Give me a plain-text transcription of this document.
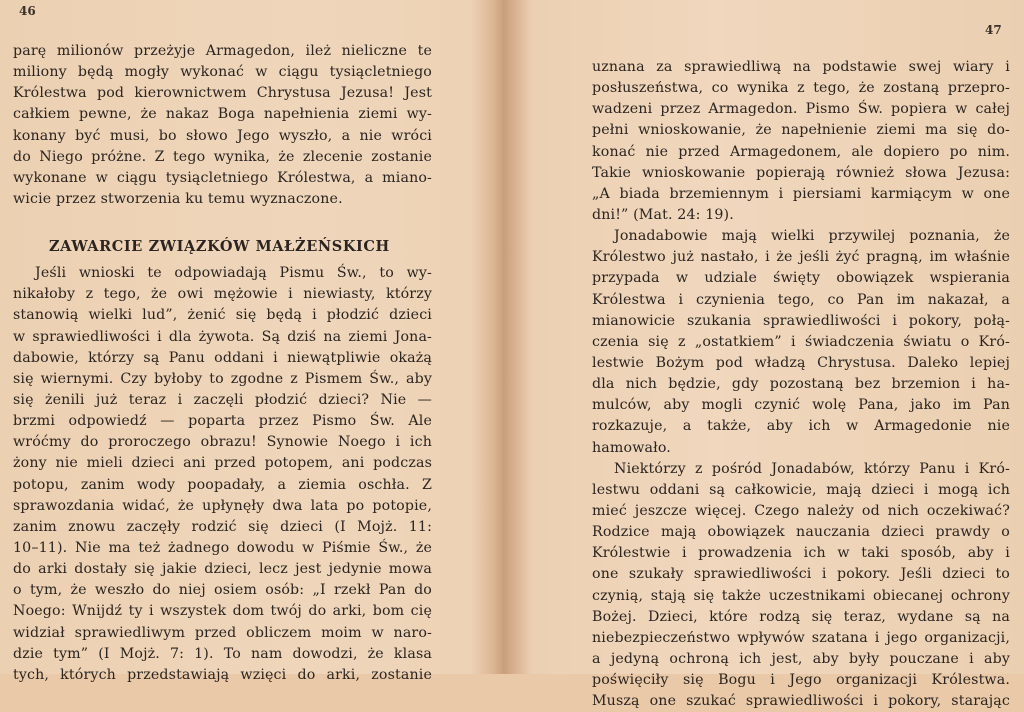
46
parę milionów przeżyje Armagedon, ileż nieliczne te
miliony będą mogły wykonać w ciągu tysiącletniego
Królestwa pod kierownictwem Chrystusa Jezusa! Jest
całkiem pewne, że nakaz Boga napełnienia ziemi wy-
konany być musi, bo słowo Jego wyszło, a nie wróci
do Niego próżne. Z tego wynika, że zlecenie zostanie
wykonane w ciągu tysiącletniego Królestwa, a miano-
wicie przez stworzenia ku temu wyznaczone.
ZAWARCIE ZWIĄZKÓW MAŁŻEŃSKICH
Jeśli wnioski te odpowiadają Pismu Św., to wy-
nikałoby z tego, że owi mężowie i niewiasty, którzy
stanowią wielki lud”, żenić się będą i płodzić dzieci
w sprawiedliwości i dla żywota. Są dziś na ziemi Jona-
dabowie, którzy są Panu oddani i niewątpliwie okażą
się wiernymi. Czy byłoby to zgodne z Pismem Św., aby
się żenili już teraz i zaczęli płodzić dzieci? Nie —
brzmi odpowiedź — poparta przez Pismo Św. Ale
wróćmy do proroczego obrazu! Synowie Noego i ich
żony nie mieli dzieci ani przed potopem, ani podczas
potopu, zanim wody poopadały, a ziemia oschła. Z
sprawozdania widać, że upłynęły dwa lata po potopie,
zanim znowu zaczęły rodzić się dzieci (I Mojż. 11:
10–11). Nie ma też żadnego dowodu w Piśmie Św., że
do arki dostały się jakie dzieci, lecz jest jedynie mowa
o tym, że weszło do niej osiem osób: „I rzekł Pan do
Noego: Wnijdź ty i wszystek dom twój do arki, bom cię
widział sprawiedliwym przed obliczem moim w naro-
dzie tym” (I Mojż. 7: 1). To nam dowodzi, że klasa
tych, których przedstawiają wzięci do arki, zostanie
47
uznana za sprawiedliwą na podstawie swej wiary i
posłuszeństwa, co wynika z tego, że zostaną przepro-
wadzeni przez Armagedon. Pismo Św. popiera w całej
pełni wnioskowanie, że napełnienie ziemi ma się do-
konać nie przed Armagedonem, ale dopiero po nim.
Takie wnioskowanie popierają również słowa Jezusa:
„A biada brzemiennym i piersiami karmiącym w one
dni!” (Mat. 24: 19).
Jonadabowie mają wielki przywilej poznania, że
Królestwo już nastało, i że jeśli żyć pragną, im właśnie
przypada w udziale święty obowiązek wspierania
Królestwa i czynienia tego, co Pan im nakazał, a
mianowicie szukania sprawiedliwości i pokory, połą-
czenia się z „ostatkiem” i świadczenia światu o Kró-
lestwie Bożym pod władzą Chrystusa. Daleko lepiej
dla nich będzie, gdy pozostaną bez brzemion i ha-
mulców, aby mogli czynić wolę Pana, jako im Pan
rozkazuje, a także, aby ich w Armagedonie nie
hamowało.
Niektórzy z pośród Jonadabów, którzy Panu i Kró-
lestwu oddani są całkowicie, mają dzieci i mogą ich
mieć jeszcze więcej. Czego należy od nich oczekiwać?
Rodzice mają obowiązek nauczania dzieci prawdy o
Królestwie i prowadzenia ich w taki sposób, aby i
one szukały sprawiedliwości i pokory. Jeśli dzieci to
czynią, stają się także uczestnikami obiecanej ochrony
Bożej. Dzieci, które rodzą się teraz, wydane są na
niebezpieczeństwo wpływów szatana i jego organizacji,
a jedyną ochroną ich jest, aby były pouczane i aby
poświęciły się Bogu i Jego organizacji Królestwa.
Muszą one szukać sprawiedliwości i pokory, starając
